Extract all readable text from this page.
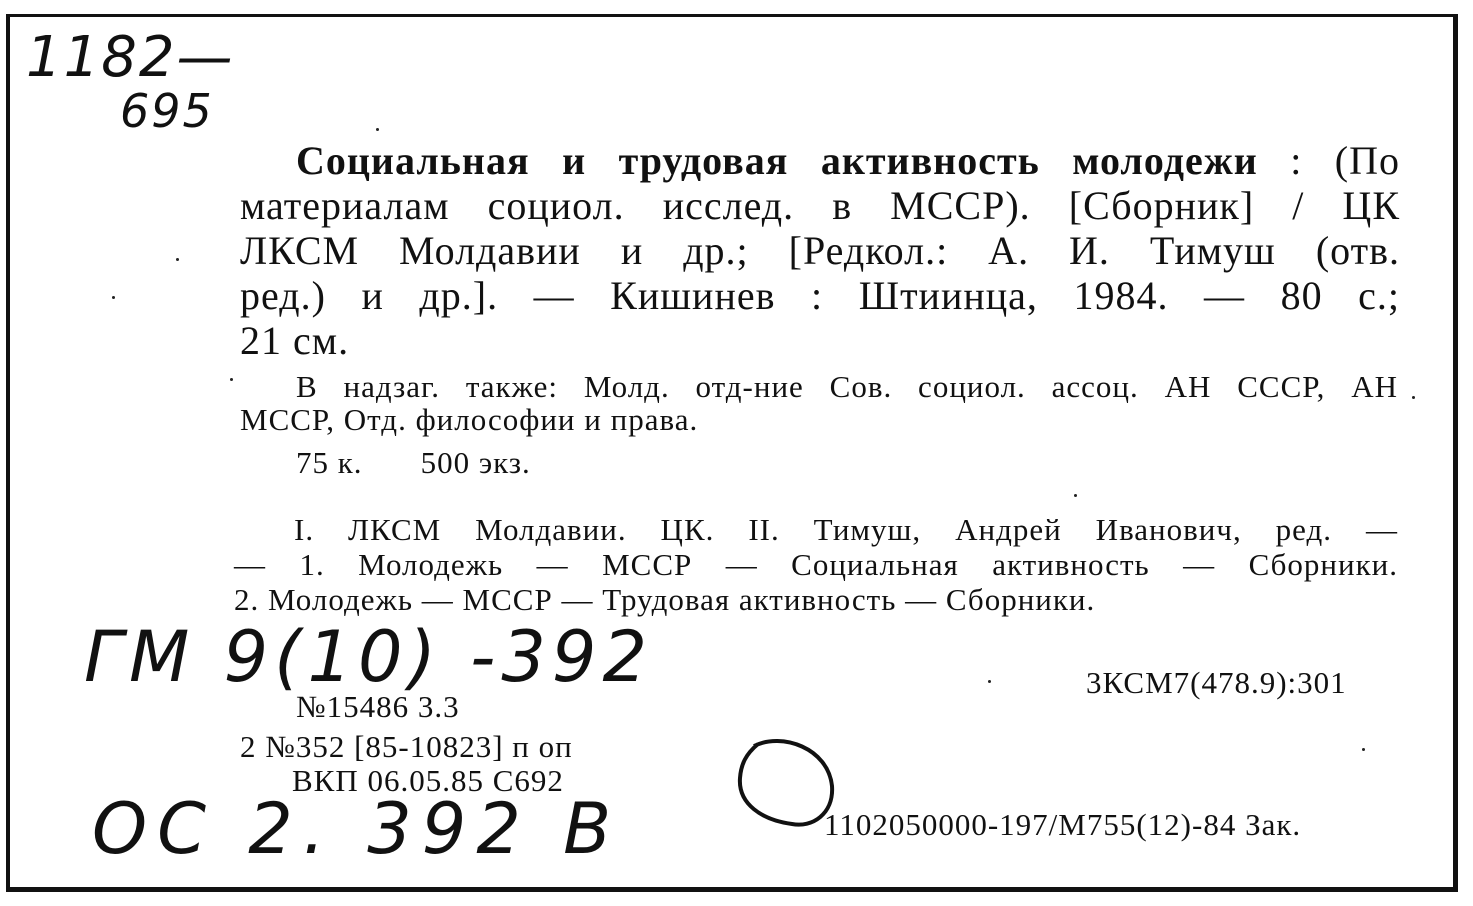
1182—
695
ГМ 9(10) -392
ОС 2. 392 В
Социальная и трудовая активность молодежи : (По
материалам социол. исслед. в МССР). [Сборник] / ЦК
ЛКСМ Молдавии и др.; [Редкол.: А. И. Тимуш (отв.
ред.) и др.]. — Кишинев : Штиинца, 1984. — 80 с.;
21 см.
В надзаг. также: Молд. отд-ние Сов. социол. ассоц. АН СССР, АН
МССР, Отд. философии и права.
75 к. 500 экз.
I. ЛКСМ Молдавии. ЦК. II. Тимуш, Андрей Иванович, ред. —
— 1. Молодежь — МССР — Социальная активность — Сборники.
2. Молодежь — МССР — Трудовая активность — Сборники.
3КСМ7(478.9):301
№15486 3.3
2 №352 [85-10823] п оп
ВКП 06.05.85 С692
1102050000-197/М755(12)-84 Зак.
